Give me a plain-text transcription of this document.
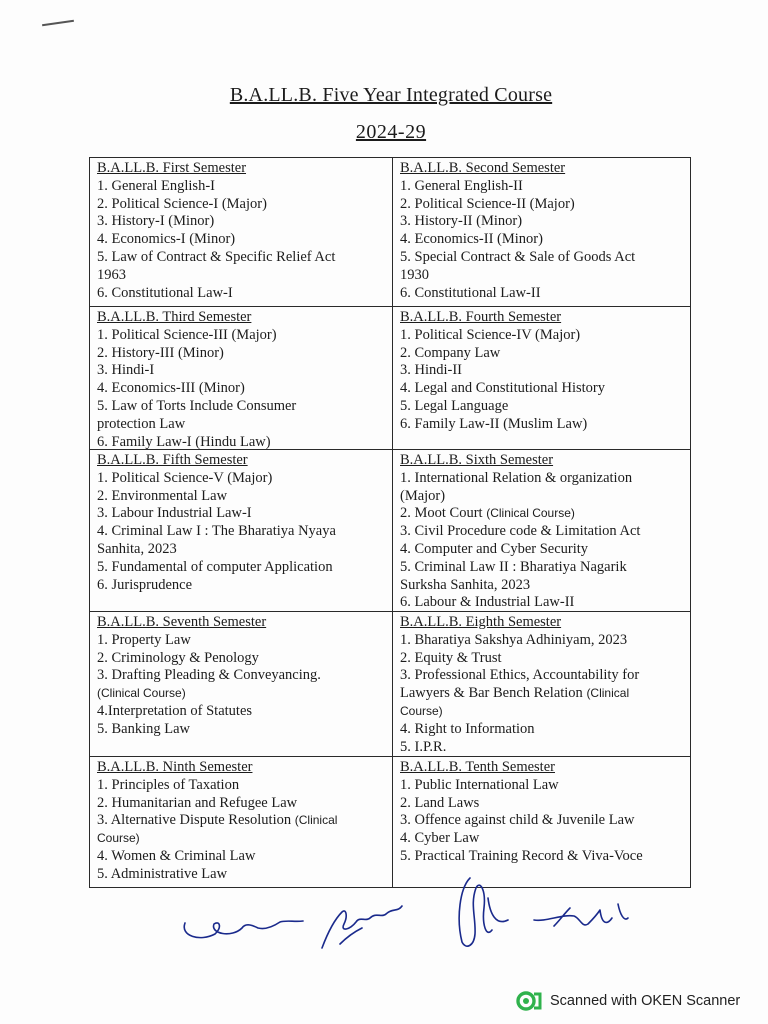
B.A.LL.B. Five Year Integrated Course
2024-29
B.A.LL.B. First Semester
1. General English-I
2. Political Science-I (Major)
3. History-I (Minor)
4. Economics-I (Minor)
5. Law of Contract & Specific Relief Act
1963
6. Constitutional Law-I
B.A.LL.B. Second Semester
1. General English-II
2. Political Science-II (Major)
3. History-II (Minor)
4. Economics-II (Minor)
5. Special Contract & Sale of Goods Act
1930
6. Constitutional Law-II
B.A.LL.B. Third Semester
1. Political Science-III (Major)
2. History-III (Minor)
3. Hindi-I
4. Economics-III (Minor)
5. Law of Torts Include Consumer
protection Law
6. Family Law-I (Hindu Law)
B.A.LL.B. Fourth Semester
1. Political Science-IV (Major)
2. Company Law
3. Hindi-II
4. Legal and Constitutional History
5. Legal Language
6. Family Law-II (Muslim Law)
B.A.LL.B. Fifth Semester
1. Political Science-V (Major)
2. Environmental Law
3. Labour Industrial Law-I
4. Criminal Law I : The Bharatiya Nyaya
Sanhita, 2023
5. Fundamental of computer Application
6. Jurisprudence
B.A.LL.B. Sixth Semester
1. International Relation & organization
(Major)
2. Moot Court (Clinical Course)
3. Civil Procedure code & Limitation Act
4. Computer and Cyber Security
5. Criminal Law II : Bharatiya Nagarik
Surksha Sanhita, 2023
6. Labour & Industrial Law-II
B.A.LL.B. Seventh Semester
1. Property Law
2. Criminology & Penology
3. Drafting Pleading & Conveyancing.
(Clinical Course)
4.Interpretation of Statutes
5. Banking Law
B.A.LL.B. Eighth Semester
1. Bharatiya Sakshya Adhiniyam, 2023
2. Equity & Trust
3. Professional Ethics, Accountability for
Lawyers & Bar Bench Relation (Clinical
Course)
4. Right to Information
5. I.P.R.
B.A.LL.B. Ninth Semester
1. Principles of Taxation
2. Humanitarian and Refugee Law
3. Alternative Dispute Resolution (Clinical
Course)
4. Women & Criminal Law
5. Administrative Law
B.A.LL.B. Tenth Semester
1. Public International Law
2. Land Laws
3. Offence against child & Juvenile Law
4. Cyber Law
5. Practical Training Record & Viva-Voce
Scanned with OKEN Scanner
